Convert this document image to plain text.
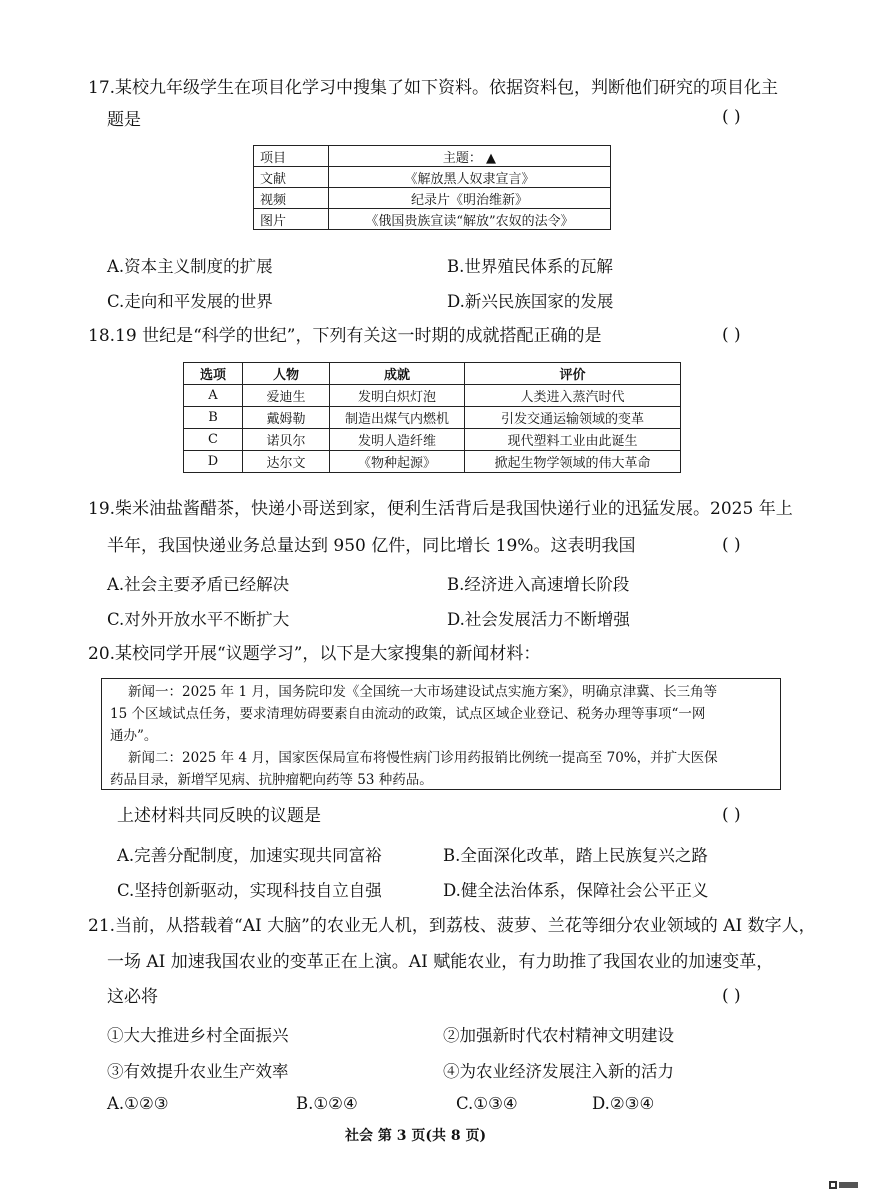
17.某校九年级学生在项目化学习中搜集了如下资料。依据资料包，判断他们研究的项目化主
题是	( )
项目	主题： ▲
文献	《解放黑人奴隶宣言》
视频	纪录片《明治维新》
图片	《俄国贵族宣读“解放”农奴的法令》
A.资本主义制度的扩展	B.世界殖民体系的瓦解
C.走向和平发展的世界	D.新兴民族国家的发展
18.19 世纪是“科学的世纪”，下列有关这一时期的成就搭配正确的是	( )
选项	人物	成就	评价
A	爱迪生	发明白炽灯泡	人类进入蒸汽时代
B	戴姆勒	制造出煤气内燃机	引发交通运输领域的变革
C	诺贝尔	发明人造纤维	现代塑料工业由此诞生
D	达尔文	《物种起源》	掀起生物学领域的伟大革命
19.柴米油盐酱醋茶，快递小哥送到家，便利生活背后是我国快递行业的迅猛发展。2025 年上
半年，我国快递业务总量达到 950 亿件，同比增长 19%。这表明我国	( )
A.社会主要矛盾已经解决	B.经济进入高速增长阶段
C.对外开放水平不断扩大	D.社会发展活力不断增强
20.某校同学开展“议题学习”，以下是大家搜集的新闻材料：

新闻一：2025 年 1 月，国务院印发《全国统一大市场建设试点实施方案》，明确京津冀、长三角等

15 个区域试点任务，要求清理妨碍要素自由流动的政策，试点区域企业登记、税务办理等事项“一网

通办”。

新闻二：2025 年 4 月，国家医保局宣布将慢性病门诊用药报销比例统一提高至 70%，并扩大医保

药品目录，新增罕见病、抗肿瘤靶向药等 53 种药品。

上述材料共同反映的议题是	( )
A.完善分配制度，加速实现共同富裕	B.全面深化改革，踏上民族复兴之路
C.坚持创新驱动，实现科技自立自强	D.健全法治体系，保障社会公平正义
21.当前，从搭载着“AI 大脑”的农业无人机，到荔枝、菠萝、兰花等细分农业领域的 AI 数字人，
一场 AI 加速我国农业的变革正在上演。AI 赋能农业，有力助推了我国农业的加速变革，
这必将	( )
①大大推进乡村全面振兴	②加强新时代农村精神文明建设
③有效提升农业生产效率	④为农业经济发展注入新的活力
A.①②③	B.①②④	C.①③④	D.②③④
社会 第 3 页(共 8 页)
